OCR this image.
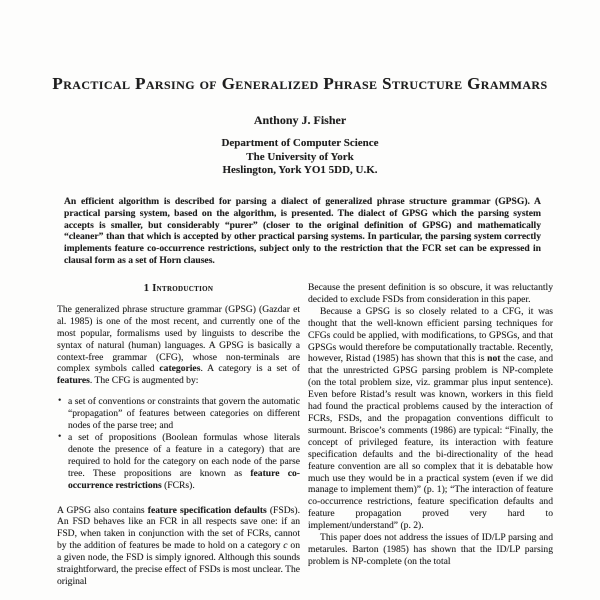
Practical Parsing of Generalized Phrase Structure Grammars
Anthony J. Fisher
Department of Computer Science
The University of York
Heslington, York YO1 5DD, U.K.
An efficient algorithm is described for parsing a dialect of generalized phrase structure grammar (GPSG). A practical parsing system, based on the algorithm, is presented. The dialect of GPSG which the parsing system accepts is smaller, but considerably “purer” (closer to the original definition of GPSG) and mathematically “cleaner” than that which is accepted by other practical parsing systems. In particular, the parsing system correctly implements feature co-occurrence restrictions, subject only to the restriction that the FCR set can be expressed in clausal form as a set of Horn clauses.
1 Introduction
The generalized phrase structure grammar (GPSG) (Gazdar et al. 1985) is one of the most recent, and currently one of the most popular, formalisms used by linguists to describe the syntax of natural (human) languages. A GPSG is basically a context-free grammar (CFG), whose non-terminals are complex symbols called categories. A category is a set of features. The CFG is augmented by:
• a set of conventions or constraints that govern the automatic “propagation” of features between categories on different nodes of the parse tree; and
• a set of propositions (Boolean formulas whose literals denote the presence of a feature in a category) that are required to hold for the category on each node of the parse tree. These propositions are known as feature co-occurrence restrictions (FCRs).
A GPSG also contains feature specification defaults (FSDs). An FSD behaves like an FCR in all respects save one: if an FSD, when taken in conjunction with the set of FCRs, cannot by the addition of features be made to hold on a category c on a given node, the FSD is simply ignored. Although this sounds straightforward, the precise effect of FSDs is most unclear. The original
Because the present definition is so obscure, it was reluctantly decided to exclude FSDs from consideration in this paper.
Because a GPSG is so closely related to a CFG, it was thought that the well-known efficient parsing techniques for CFGs could be applied, with modifications, to GPSGs, and that GPSGs would therefore be computationally tractable. Recently, however, Ristad (1985) has shown that this is not the case, and that the unrestricted GPSG parsing problem is NP-complete (on the total problem size, viz. grammar plus input sentence). Even before Ristad’s result was known, workers in this field had found the practical problems caused by the interaction of FCRs, FSDs, and the propagation conventions difficult to surmount. Briscoe’s comments (1986) are typical: “Finally, the concept of privileged feature, its interaction with feature specification defaults and the bi-directionality of the head feature convention are all so complex that it is debatable how much use they would be in a practical system (even if we did manage to implement them)” (p. 1); “The interaction of feature co-occurrence restrictions, feature specification defaults and feature propagation proved very hard to implement/understand” (p. 2).
This paper does not address the issues of ID/LP parsing and metarules. Barton (1985) has shown that the ID/LP parsing problem is NP-complete (on the total
